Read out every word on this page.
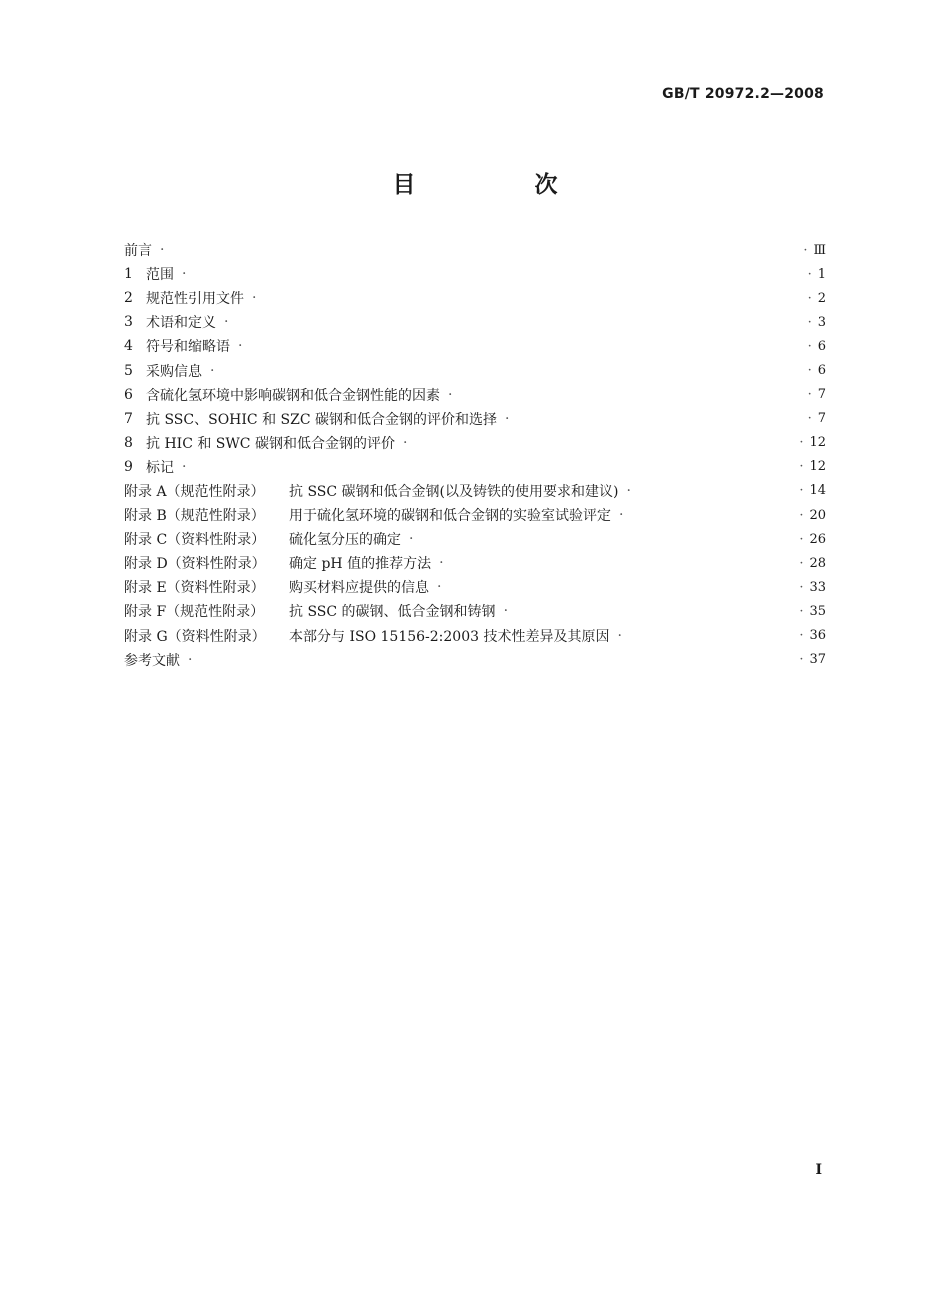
GB/T 20972.2—2008
目　次
前言 ·	· Ⅲ
1 范围 ·	· 1
2 规范性引用文件 ·	· 2
3 术语和定义 ·	· 3
4 符号和缩略语 ·	· 6
5 采购信息 ·	· 6
6 含硫化氢环境中影响碳钢和低合金钢性能的因素 ·	· 7
7 抗 SSC、SOHIC 和 SZC 碳钢和低合金钢的评价和选择 ·	· 7
8 抗 HIC 和 SWC 碳钢和低合金钢的评价 ·	· 12
9 标记 ·	· 12
附录 A（规范性附录）	抗 SSC 碳钢和低合金钢(以及铸铁的使用要求和建议) ·	· 14
附录 B（规范性附录）	用于硫化氢环境的碳钢和低合金钢的实验室试验评定 ·	· 20
附录 C（资料性附录）	硫化氢分压的确定 ·	· 26
附录 D（资料性附录）	确定 pH 值的推荐方法 ·	· 28
附录 E（资料性附录）	购买材料应提供的信息 ·	· 33
附录 F（规范性附录）	抗 SSC 的碳钢、低合金钢和铸钢 ·	· 35
附录 G（资料性附录）	本部分与 ISO 15156-2:2003 技术性差异及其原因 ·	· 36
参考文献 ·	· 37
I
